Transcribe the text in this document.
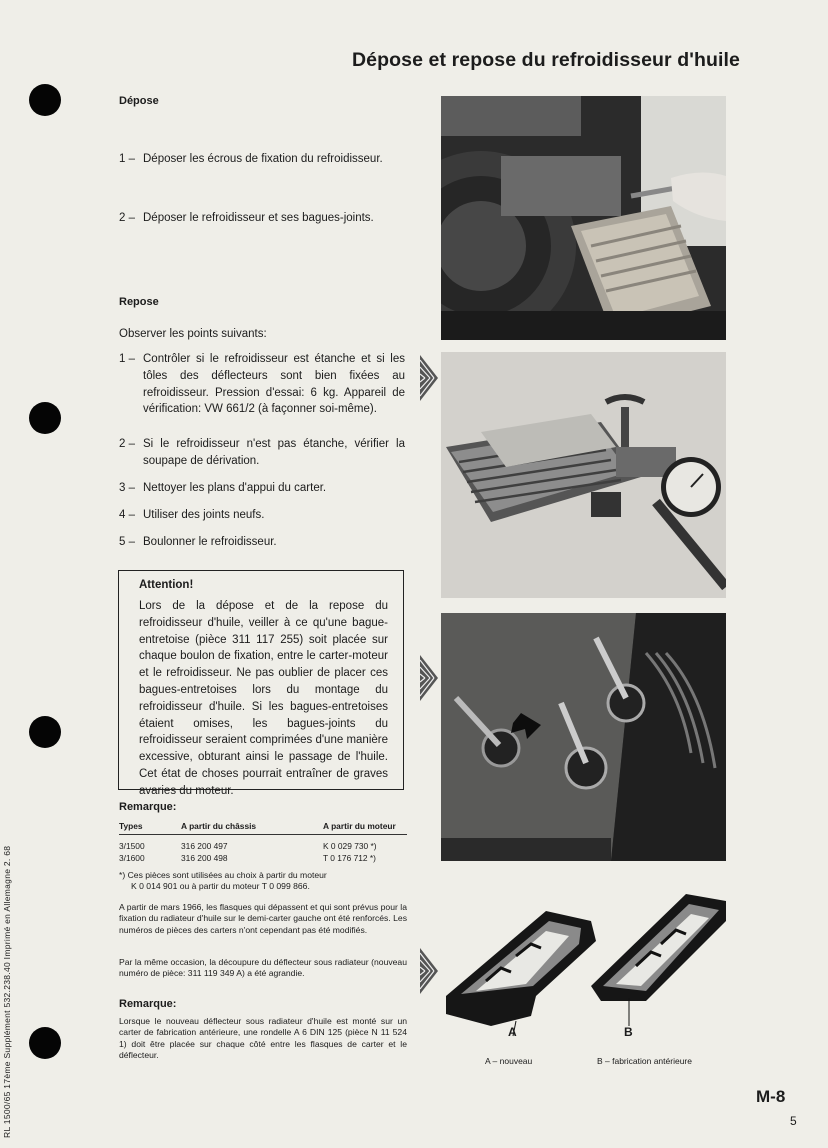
Dépose et repose du refroidisseur d'huile
Dépose
1 – Déposer les écrous de fixation du refroidisseur.
2 – Déposer le refroidisseur et ses bagues-joints.
Repose
Observer les points suivants:
1 – Contrôler si le refroidisseur est étanche et si les tôles des déflecteurs sont bien fixées au refroidisseur. Pression d'essai: 6 kg. Appareil de vérification: VW 661/2 (à façonner soi-même).
2 – Si le refroidisseur n'est pas étanche, vérifier la soupape de dérivation.
3 – Nettoyer les plans d'appui du carter.
4 – Utiliser des joints neufs.
5 – Boulonner le refroidisseur.
Attention!
Lors de la dépose et de la repose du refroidisseur d'huile, veiller à ce qu'une bague-entretoise (pièce 311 117 255) soit placée sur chaque boulon de fixation, entre le carter-moteur et le refroidisseur. Ne pas oublier de placer ces bagues-entretoises lors du montage du refroidisseur d'huile. Si les bagues-entretoises étaient omises, les bagues-joints du refroidisseur seraient comprimées d'une manière excessive, obturant ainsi le passage de l'huile. Cet état de choses pourrait entraîner de graves avaries du moteur.
Remarque:
Types	A partir du châssis	A partir du moteur
3/1500	316 200 497	K 0 029 730 *)
3/1600	316 200 498	T 0 176 712 *)
*) Ces pièces sont utilisées au choix à partir du moteur
K 0 014 901 ou à partir du moteur T 0 099 866.
A partir de mars 1966, les flasques qui dépassent et qui sont prévus pour la fixation du radiateur d'huile sur le demi-carter gauche ont été renforcés. Les numéros de pièces des carters n'ont cependant pas été modifiés.
Par la même occasion, la découpure du déflecteur sous radiateur (nouveau numéro de pièce: 311 119 349 A) a été agrandie.
Remarque:
Lorsque le nouveau déflecteur sous radiateur d'huile est monté sur un carter de fabrication antérieure, une rondelle A 6 DIN 125 (pièce N 11 524 1) doit être placée sur chaque côté entre les flasques de carter et le déflecteur.
A	B
A – nouveau	B – fabrication antérieure
M-8
5
RL 1500/65 17ème Supplément 532.238.40 Imprimé en Allemagne 2. 68
